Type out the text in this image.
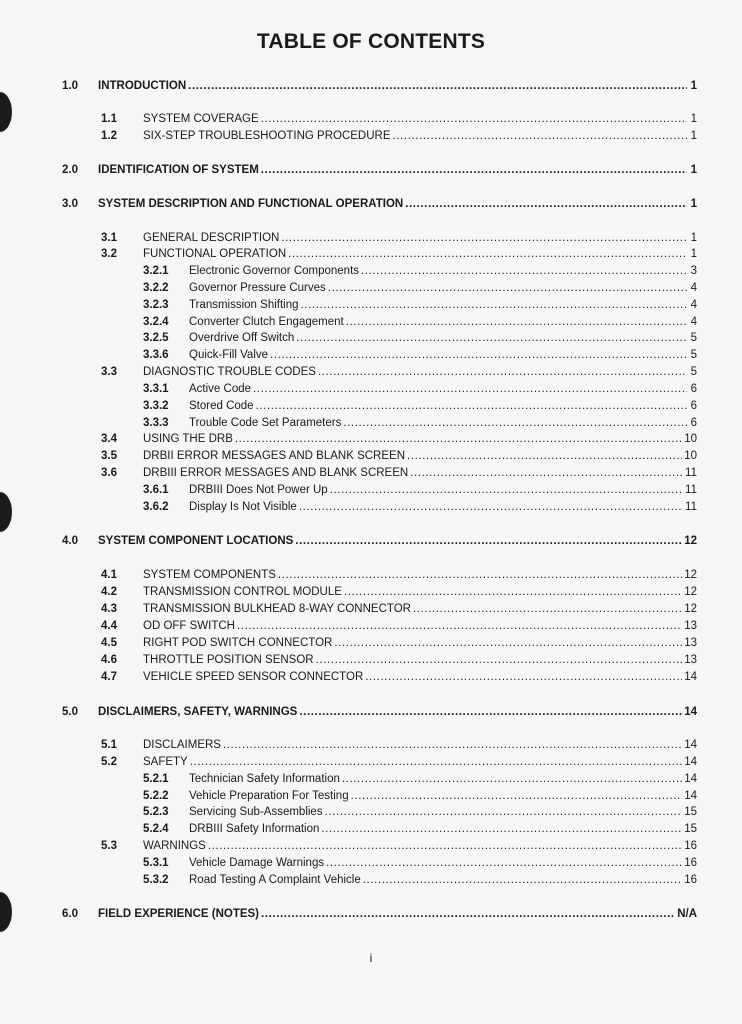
TABLE OF CONTENTS
1.0	INTRODUCTION .....	1
1.1	SYSTEM COVERAGE .....	1
1.2	SIX-STEP TROUBLESHOOTING PROCEDURE .....	1
2.0	IDENTIFICATION OF SYSTEM .....	1
3.0	SYSTEM DESCRIPTION AND FUNCTIONAL OPERATION .....	1
3.1	GENERAL DESCRIPTION .....	1
3.2	FUNCTIONAL OPERATION .....	1
3.2.1	Electronic Governor Components .....	3
3.2.2	Governor Pressure Curves .....	4
3.2.3	Transmission Shifting .....	4
3.2.4	Converter Clutch Engagement .....	4
3.2.5	Overdrive Off Switch .....	5
3.3.6	Quick-Fill Valve .....	5
3.3	DIAGNOSTIC TROUBLE CODES .....	5
3.3.1	Active Code .....	6
3.3.2	Stored Code .....	6
3.3.3	Trouble Code Set Parameters .....	6
3.4	USING THE DRB .....	10
3.5	DRBII ERROR MESSAGES AND BLANK SCREEN .....	10
3.6	DRBIII ERROR MESSAGES AND BLANK SCREEN .....	11
3.6.1	DRBIII Does Not Power Up .....	11
3.6.2	Display Is Not Visible .....	11
4.0	SYSTEM COMPONENT LOCATIONS .....	12
4.1	SYSTEM COMPONENTS .....	12
4.2	TRANSMISSION CONTROL MODULE .....	12
4.3	TRANSMISSION BULKHEAD 8-WAY CONNECTOR .....	12
4.4	OD OFF SWITCH .....	13
4.5	RIGHT POD SWITCH CONNECTOR .....	13
4.6	THROTTLE POSITION SENSOR .....	13
4.7	VEHICLE SPEED SENSOR CONNECTOR .....	14
5.0	DISCLAIMERS, SAFETY, WARNINGS .....	14
5.1	DISCLAIMERS .....	14
5.2	SAFETY .....	14
5.2.1	Technician Safety Information .....	14
5.2.2	Vehicle Preparation For Testing .....	14
5.2.3	Servicing Sub-Assemblies .....	15
5.2.4	DRBIII Safety Information .....	15
5.3	WARNINGS .....	16
5.3.1	Vehicle Damage Warnings .....	16
5.3.2	Road Testing A Complaint Vehicle .....	16
6.0	FIELD EXPERIENCE (NOTES) .....	N/A
i
